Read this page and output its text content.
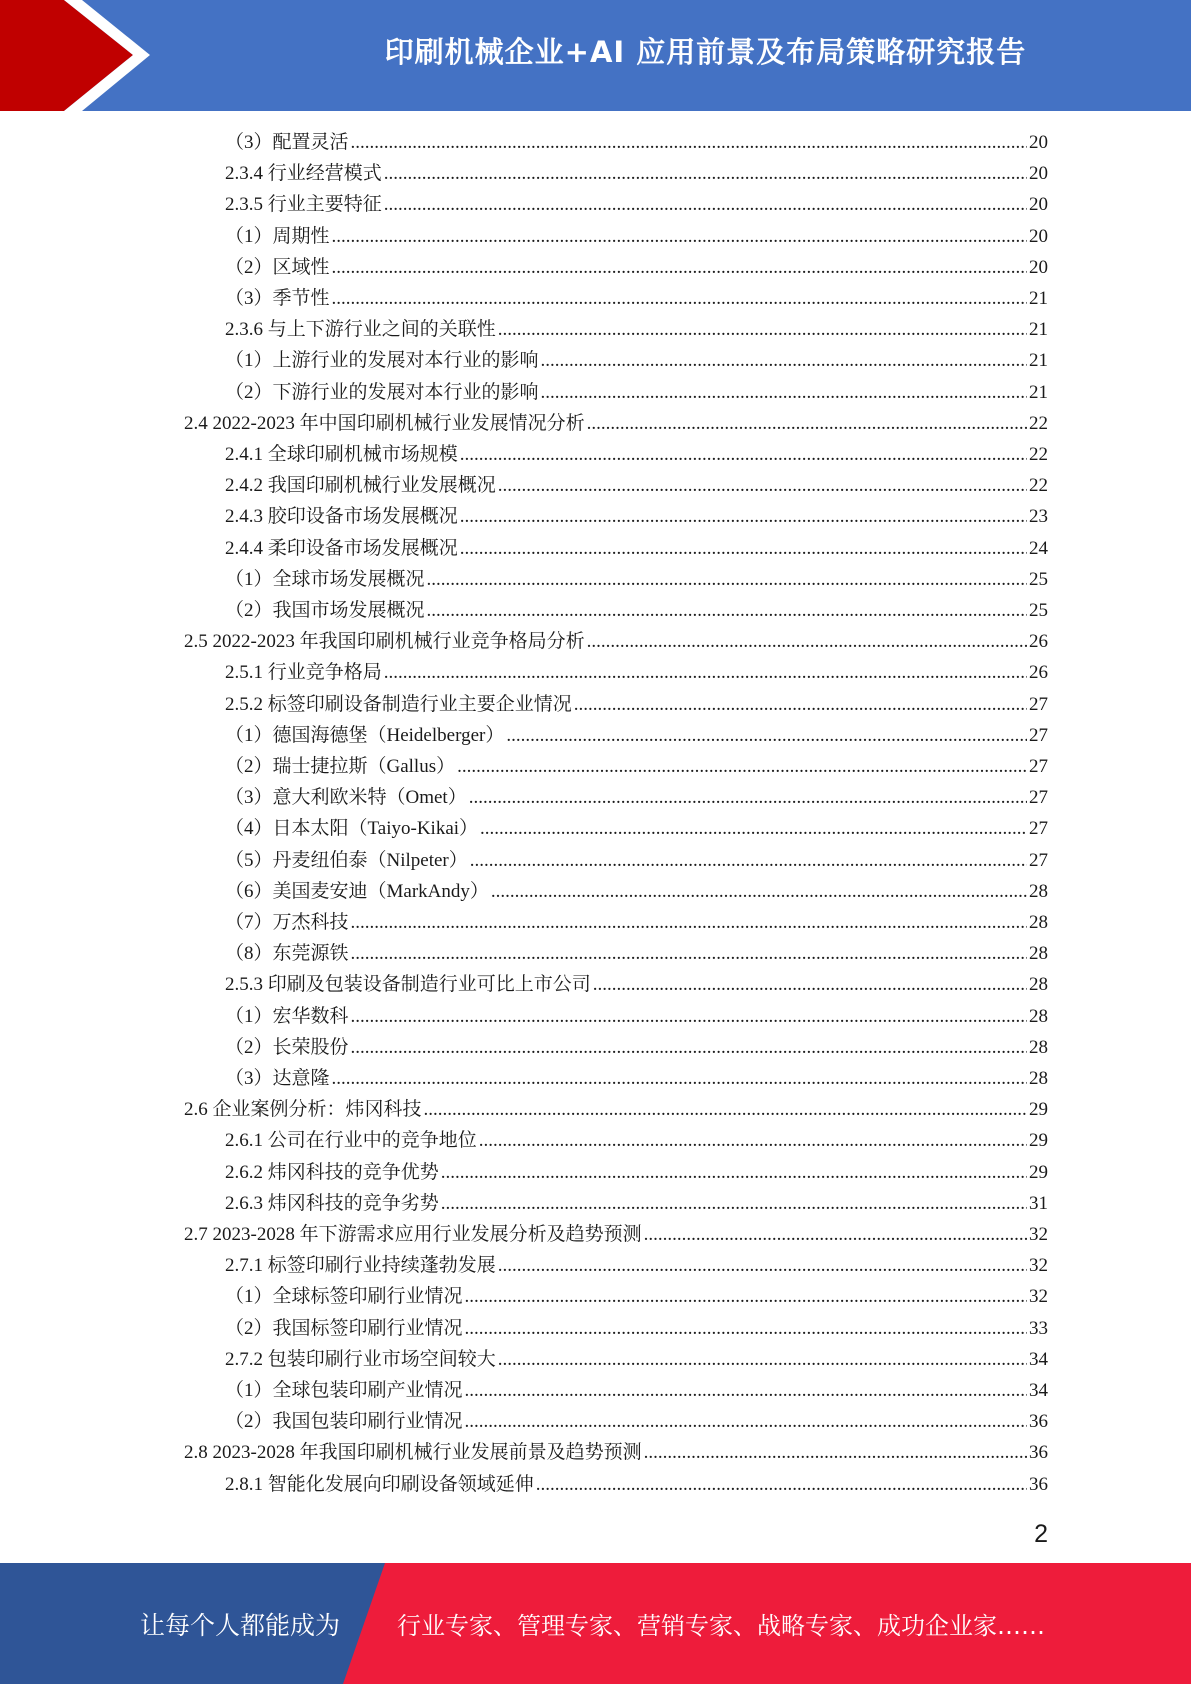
印刷机械企业+AI 应用前景及布局策略研究报告
（3）配置灵活 .....	20
2.3.4 行业经营模式 .....	20
2.3.5 行业主要特征 .....	20
（1）周期性 .....	20
（2）区域性 .....	20
（3）季节性 .....	21
2.3.6 与上下游行业之间的关联性 .....	21
（1）上游行业的发展对本行业的影响 .....	21
（2）下游行业的发展对本行业的影响 .....	21
2.4 2022-2023 年中国印刷机械行业发展情况分析 .....	22
2.4.1 全球印刷机械市场规模 .....	22
2.4.2 我国印刷机械行业发展概况 .....	22
2.4.3 胶印设备市场发展概况 .....	23
2.4.4 柔印设备市场发展概况 .....	24
（1）全球市场发展概况 .....	25
（2）我国市场发展概况 .....	25
2.5 2022-2023 年我国印刷机械行业竞争格局分析 .....	26
2.5.1 行业竞争格局 .....	26
2.5.2 标签印刷设备制造行业主要企业情况 .....	27
（1）德国海德堡（Heidelberger） .....	27
（2）瑞士捷拉斯（Gallus） .....	27
（3）意大利欧米特（Omet） .....	27
（4）日本太阳（Taiyo-Kikai） .....	27
（5）丹麦纽伯泰（Nilpeter） .....	27
（6）美国麦安迪（MarkAndy） .....	28
（7）万杰科技 .....	28
（8）东莞源铁 .....	28
2.5.3 印刷及包装设备制造行业可比上市公司 .....	28
（1）宏华数科 .....	28
（2）长荣股份 .....	28
（3）达意隆 .....	28
2.6 企业案例分析：炜冈科技 .....	29
2.6.1 公司在行业中的竞争地位 .....	29
2.6.2 炜冈科技的竞争优势 .....	29
2.6.3 炜冈科技的竞争劣势 .....	31
2.7 2023-2028 年下游需求应用行业发展分析及趋势预测 .....	32
2.7.1 标签印刷行业持续蓬勃发展 .....	32
（1）全球标签印刷行业情况 .....	32
（2）我国标签印刷行业情况 .....	33
2.7.2 包装印刷行业市场空间较大 .....	34
（1）全球包装印刷产业情况 .....	34
（2）我国包装印刷行业情况 .....	36
2.8 2023-2028 年我国印刷机械行业发展前景及趋势预测 .....	36
2.8.1 智能化发展向印刷设备领域延伸 .....	36
2
让每个人都能成为 行业专家、管理专家、营销专家、战略专家、成功企业家……
